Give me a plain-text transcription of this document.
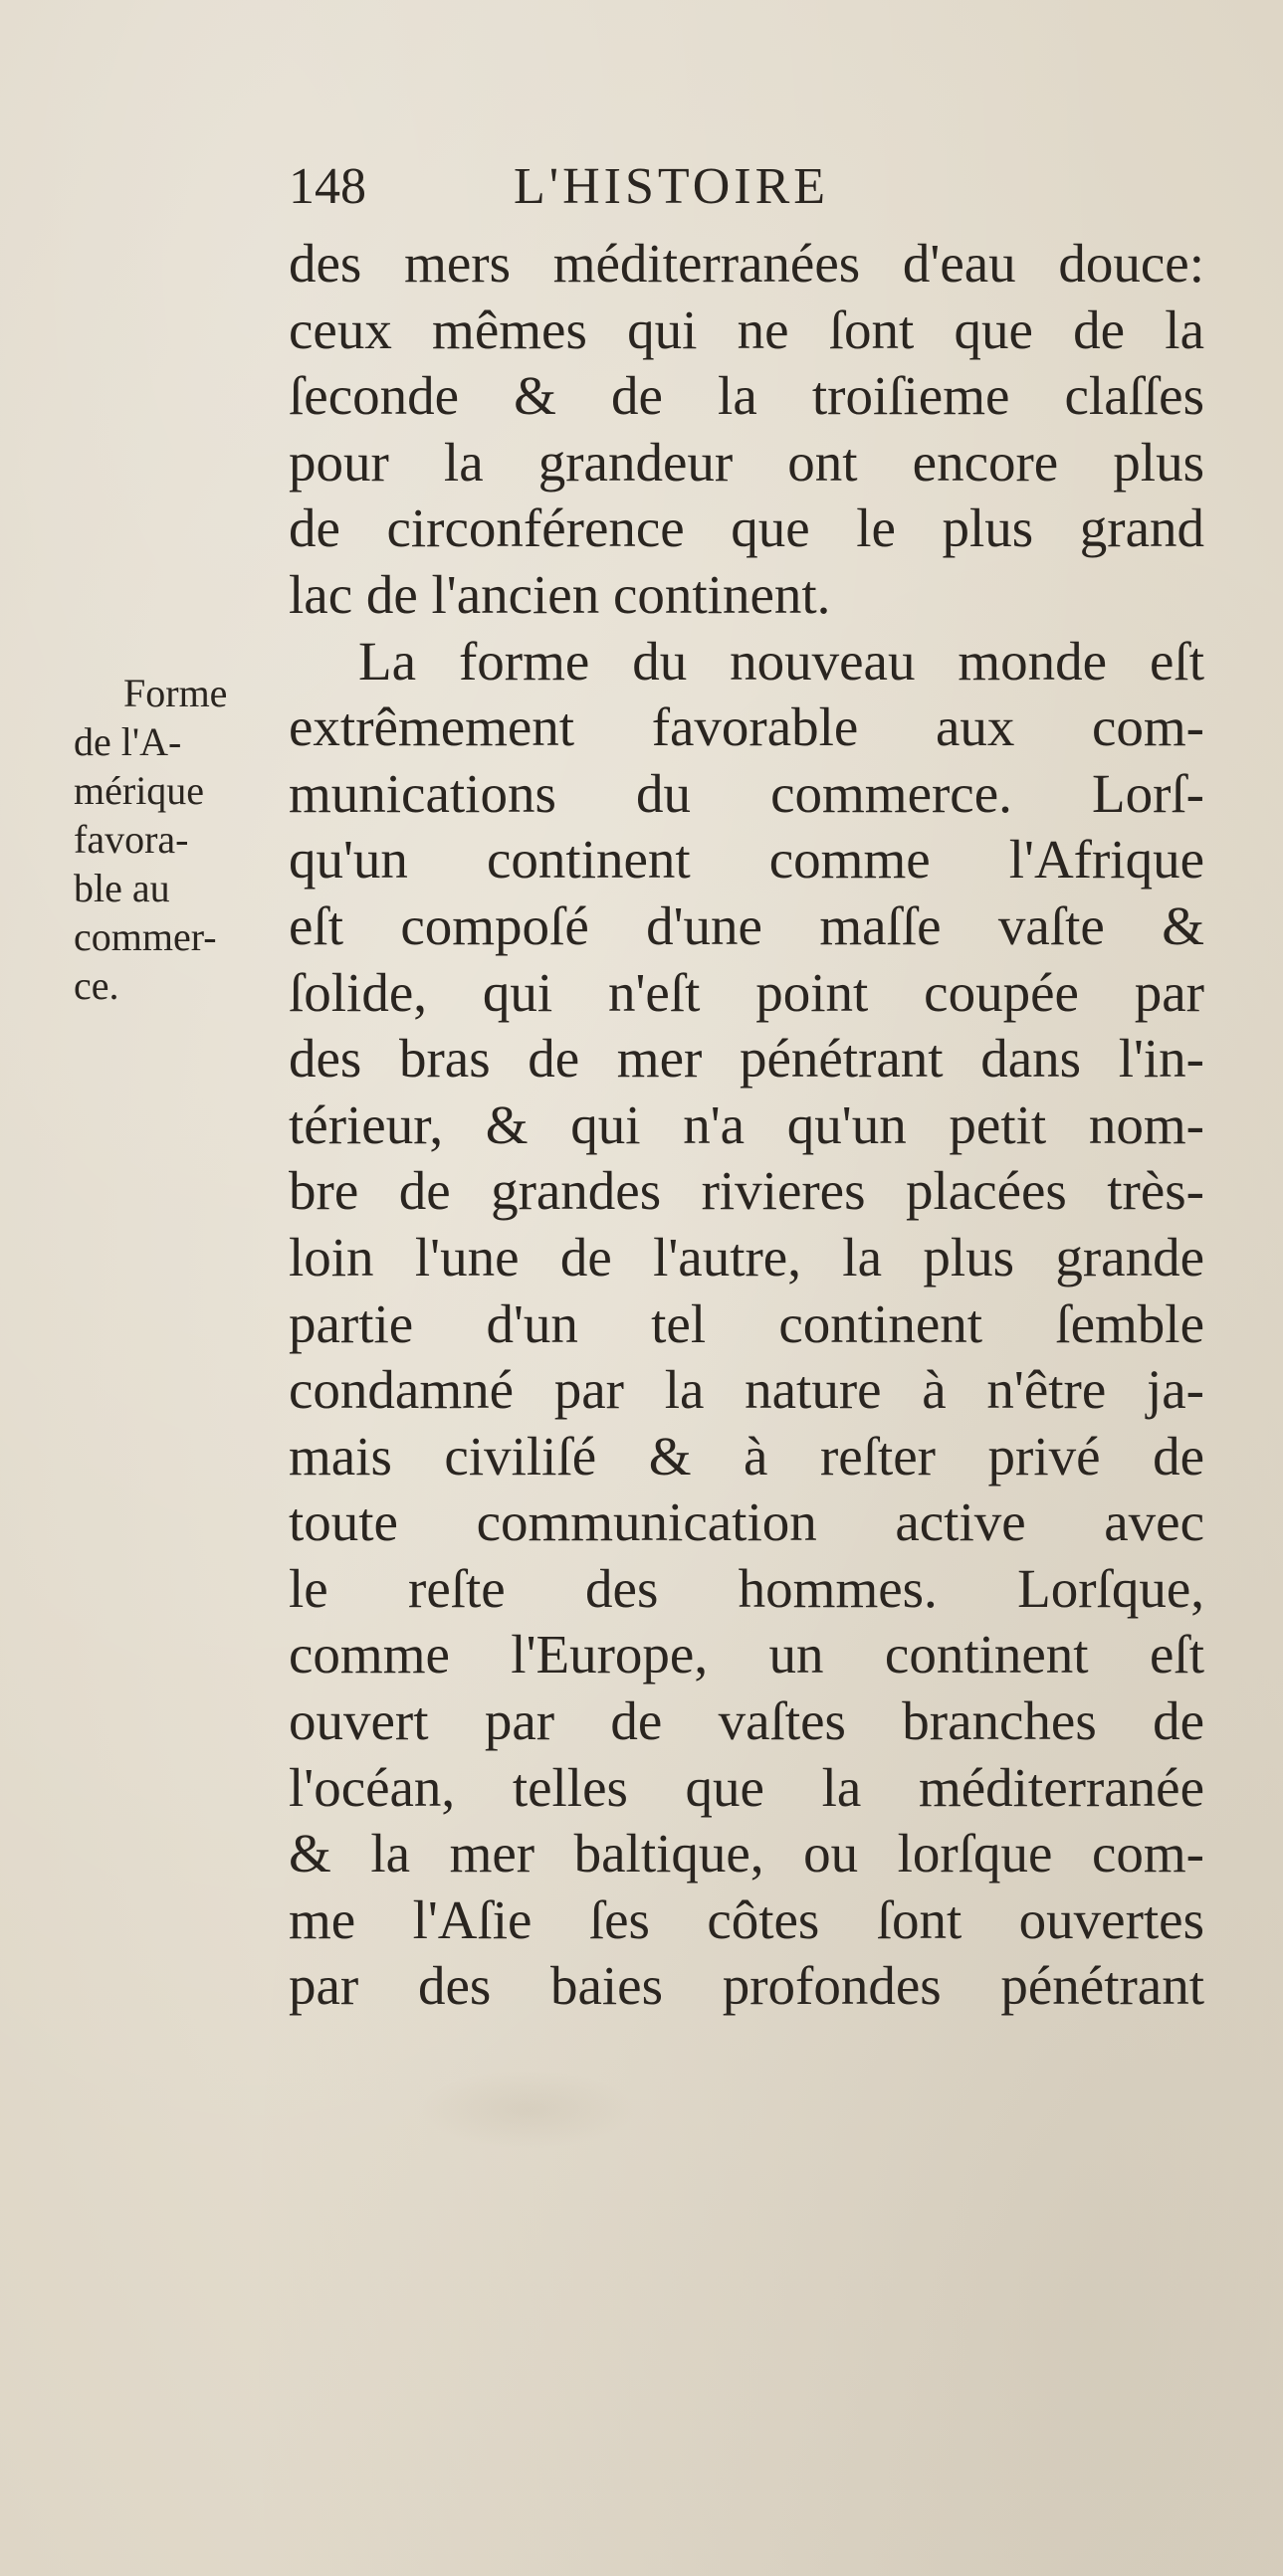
148	L'HISTOIRE
Forme
de l'A-
mérique
favora-
ble au
commer-
ce.
des mers méditerranées d'eau douce:
ceux mêmes qui ne ſont que de la
ſeconde & de la troiſieme claſſes
pour la grandeur ont encore plus
de circonférence que le plus grand
lac de l'ancien continent.
La forme du nouveau monde eſt
extrêmement favorable aux com-
munications du commerce. Lorſ-
qu'un continent comme l'Afrique
eſt compoſé d'une maſſe vaſte &
ſolide, qui n'eſt point coupée par
des bras de mer pénétrant dans l'in-
térieur, & qui n'a qu'un petit nom-
bre de grandes rivieres placées très-
loin l'une de l'autre, la plus grande
partie d'un tel continent ſemble
condamné par la nature à n'être ja-
mais civiliſé & à reſter privé de
toute communication active avec
le reſte des hommes. Lorſque,
comme l'Europe, un continent eſt
ouvert par de vaſtes branches de
l'océan, telles que la méditerranée
& la mer baltique, ou lorſque com-
me l'Aſie ſes côtes ſont ouvertes
par des baies profondes pénétrant
